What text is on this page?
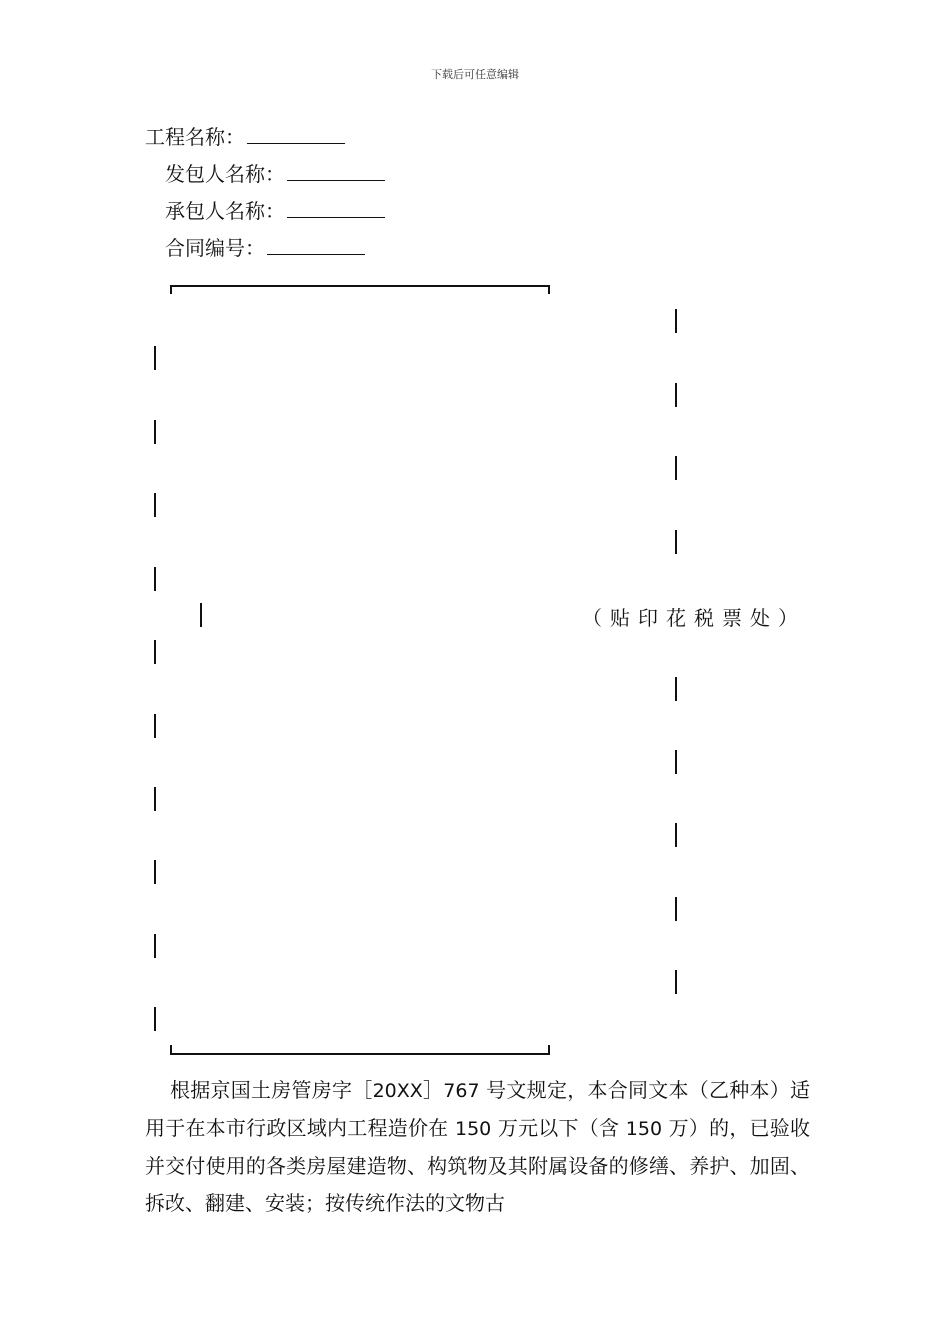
下载后可任意编辑
工程名称：
发包人名称：
承包人名称：
合同编号：
（贴印花税票处）
根据京国土房管房字［20XX］767 号文规定，本合同文本（乙种本）适用于在本市行政区域内工程造价在 150 万元以下（含 150 万）的，已验收并交付使用的各类房屋建造物、构筑物及其附属设备的修缮、养护、加固、拆改、翻建、安装；按传统作法的文物古
